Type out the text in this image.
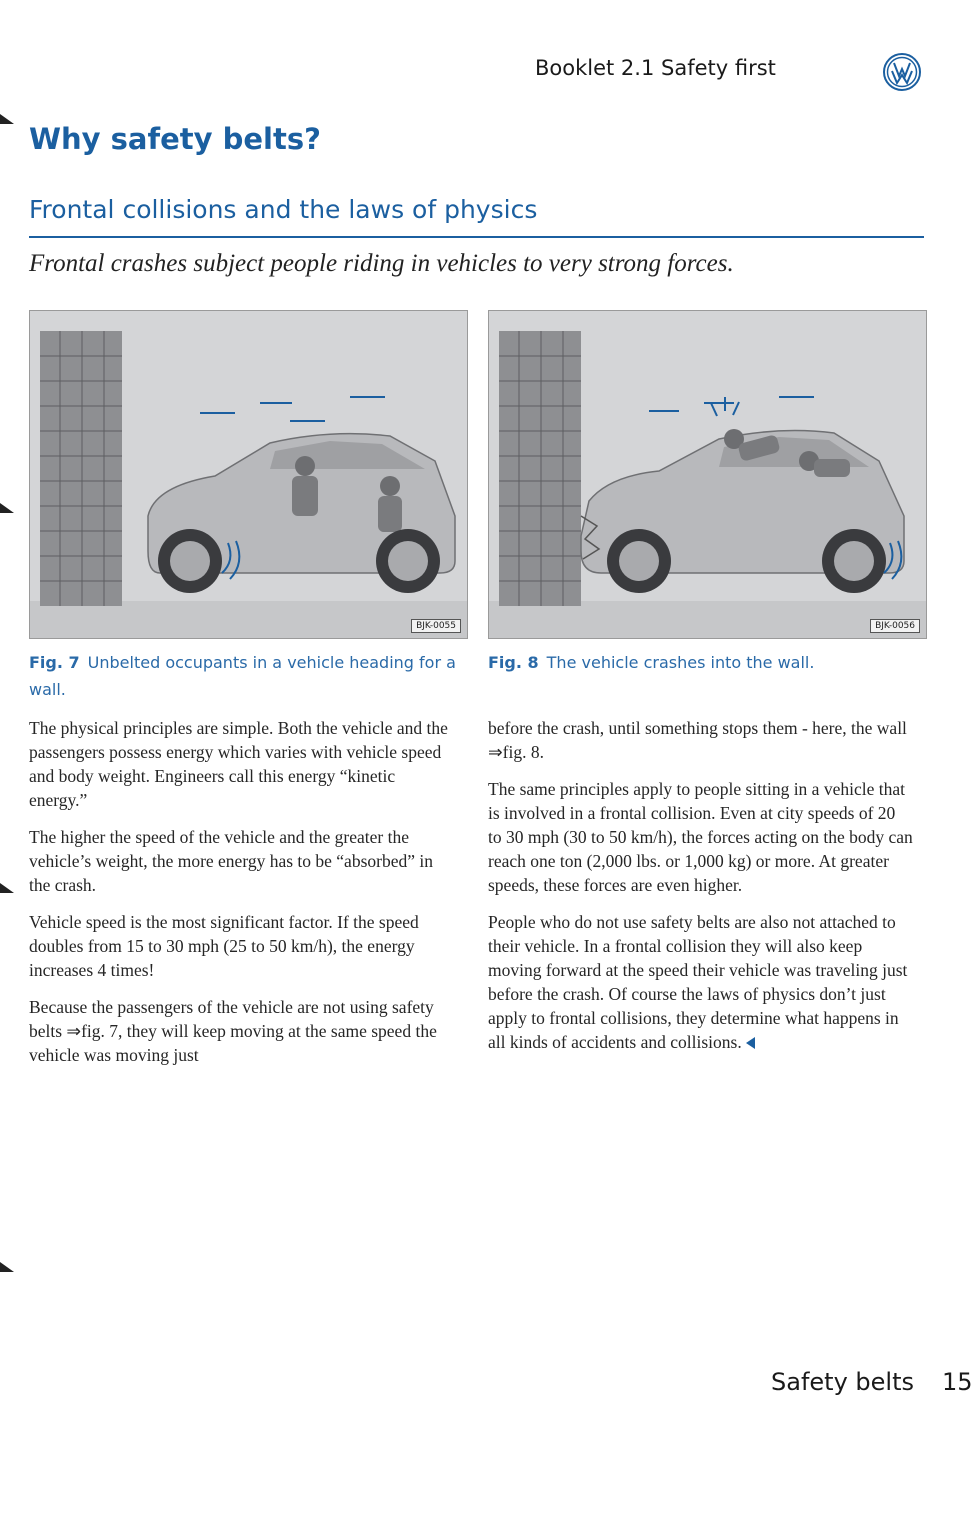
Booklet 2.1 Safety first
Why safety belts?
Frontal collisions and the laws of physics
Frontal crashes subject people riding in vehicles to very strong forces.
BJK-0055	BJK-0056
Fig. 7 Unbelted occupants in a vehicle heading for a wall.
Fig. 8 The vehicle crashes into the wall.

The physical principles are simple. Both the vehicle and the passengers possess energy which varies with vehicle speed and body weight. Engineers call this energy “kinetic energy.”

The higher the speed of the vehicle and the greater the vehicle’s weight, the more energy has to be “absorbed” in the crash.

Vehicle speed is the most significant factor. If the speed doubles from 15 to 30 mph (25 to 50 km/h), the energy increases 4 times!

Because the passengers of the vehicle are not using safety belts ⇒fig. 7, they will keep moving at the same speed the vehicle was moving just

before the crash, until something stops them - here, the wall ⇒fig. 8.

The same principles apply to people sitting in a vehicle that is involved in a frontal collision. Even at city speeds of 20 to 30 mph (30 to 50 km/h), the forces acting on the body can reach one ton (2,000 lbs. or 1,000 kg) or more. At greater speeds, these forces are even higher.

People who do not use safety belts are also not attached to their vehicle. In a frontal collision they will also keep moving forward at the speed their vehicle was traveling just before the crash. Of course the laws of physics don’t just apply to frontal collisions, they determine what happens in all kinds of accidents and collisions.

Safety belts 15
